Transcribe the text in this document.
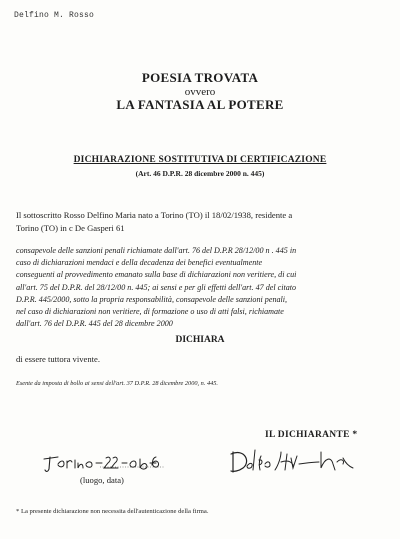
Delfino M. Rosso
POESIA TROVATA
ovvero
LA FANTASIA AL POTERE
DICHIARAZIONE SOSTITUTIVA DI CERTIFICAZIONE
(Art. 46 D.P.R. 28 dicembre 2000 n. 445)
Il sottoscritto Rosso Delfino Maria nato a Torino (TO) il 18/02/1938, residente a
Torino (TO) in c De Gasperi 61
consapevole delle sanzioni penali richiamate dall'art. 76 del D.P.R 28/12/00 n . 445 in
caso di dichiarazioni mendaci e della decadenza dei benefici eventualmente
conseguenti al provvedimento emanato sulla base di dichiarazioni non veritiere, di cui
all'art. 75 del D.P.R. del 28/12/00 n. 445; ai sensi e per gli effetti dell'art. 47 del citato
D.P.R. 445/2000, sotto la propria responsabilità, consapevole delle sanzioni penali,
nel caso di dichiarazioni non veritiere, di formazione o uso di atti falsi, richiamate
dall'art. 76 del D.P.R. 445 del 28 dicembre 2000
DICHIARA
di essere tuttora vivente.
Esente da imposta di bollo ai sensi dell'art. 37 D.P.R. 28 dicembre 2000, n. 445.
IL DICHIARANTE *
(luogo, data)
* La presente dichiarazione non necessita dell'autenticazione della firma.
